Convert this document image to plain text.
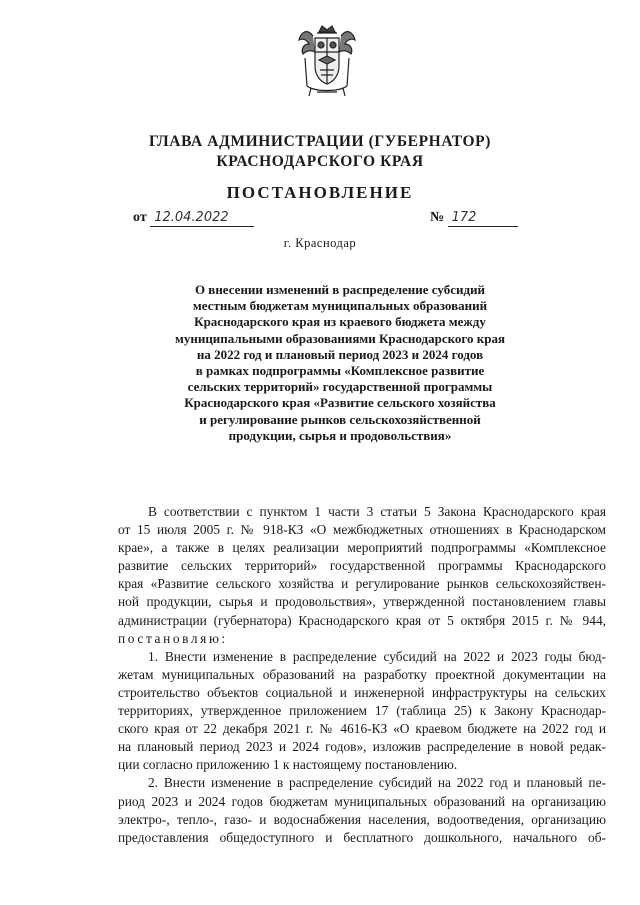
ГЛАВА АДМИНИСТРАЦИИ (ГУБЕРНАТОР)
КРАСНОДАРСКОГО КРАЯ
ПОСТАНОВЛЕНИЕ
от 12.04.2022	№ 172
г. Краснодар
О внесении изменений в распределение субсидий
местным бюджетам муниципальных образований
Краснодарского края из краевого бюджета между
муниципальными образованиями Краснодарского края
на 2022 год и плановый период 2023 и 2024 годов
в рамках подпрограммы «Комплексное развитие
сельских территорий» государственной программы
Краснодарского края «Развитие сельского хозяйства
и регулирование рынков сельскохозяйственной
продукции, сырья и продовольствия»
В соответствии с пунктом 1 части 3 статьи 5 Закона Краснодарского края
от 15 июля 2005 г. № 918-КЗ «О межбюджетных отношениях в Краснодарском
крае», а также в целях реализации мероприятий подпрограммы «Комплексное
развитие сельских территорий» государственной программы Краснодарского
края «Развитие сельского хозяйства и регулирование рынков сельскохозяйствен-
ной продукции, сырья и продовольствия», утвержденной постановлением главы
администрации (губернатора) Краснодарского края от 5 октября 2015 г. № 944,
постановляю:
1. Внести изменение в распределение субсидий на 2022 и 2023 годы бюд-
жетам муниципальных образований на разработку проектной документации на
строительство объектов социальной и инженерной инфраструктуры на сельских
территориях, утвержденное приложением 17 (таблица 25) к Закону Краснодар-
ского края от 22 декабря 2021 г. № 4616-КЗ «О краевом бюджете на 2022 год и
на плановый период 2023 и 2024 годов», изложив распределение в новой редак-
ции согласно приложению 1 к настоящему постановлению.
2. Внести изменение в распределение субсидий на 2022 год и плановый пе-
риод 2023 и 2024 годов бюджетам муниципальных образований на организацию
электро-, тепло-, газо- и водоснабжения населения, водоотведения, организацию
предоставления общедоступного и бесплатного дошкольного, начального об-
